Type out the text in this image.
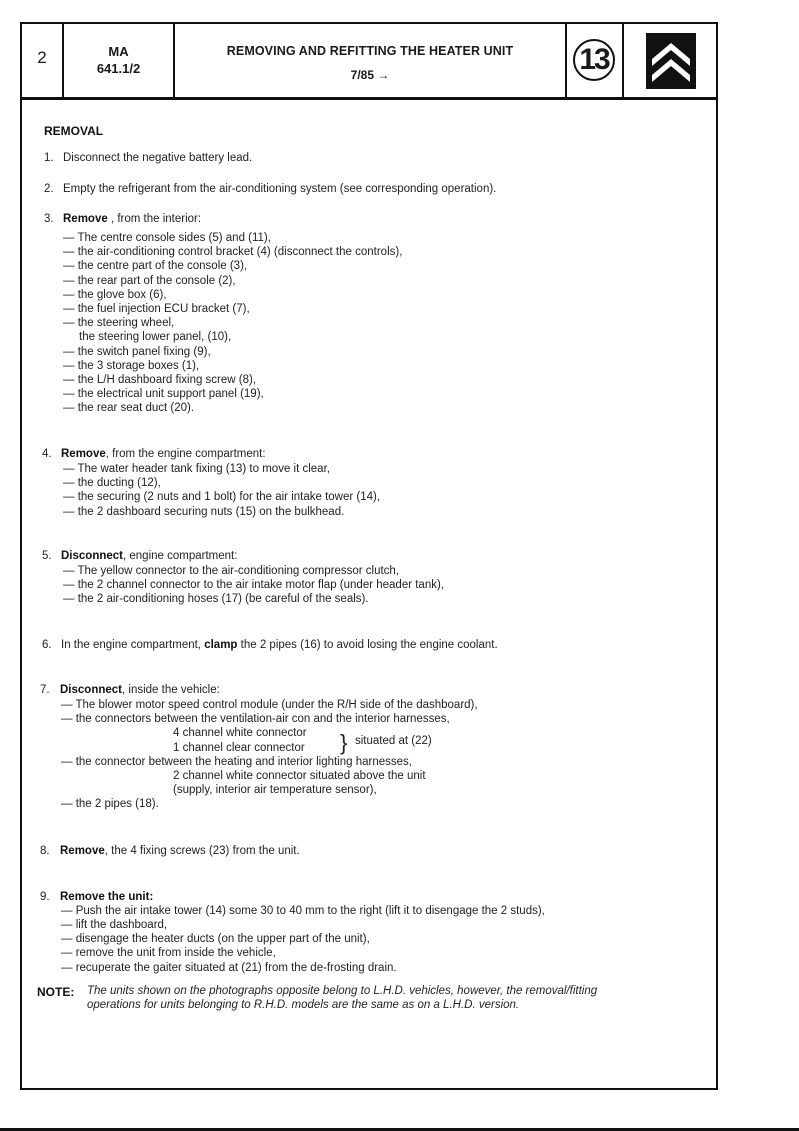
2	MA
641.1/2
REMOVING AND REFITTING THE HEATER UNIT
7/85 →	13
REMOVAL
1. Disconnect the negative battery lead.
2. Empty the refrigerant from the air-conditioning system (see corresponding operation).
3. Remove , from the interior:
— The centre console sides (5) and (11),
— the air-conditioning control bracket (4) (disconnect the controls),
— the centre part of the console (3),
— the rear part of the console (2),
— the glove box (6),
— the fuel injection ECU bracket (7),
— the steering wheel,
the steering lower panel, (10),
— the switch panel fixing (9),
— the 3 storage boxes (1),
— the L/H dashboard fixing screw (8),
— the electrical unit support panel (19),
— the rear seat duct (20).
4. Remove, from the engine compartment:
— The water header tank fixing (13) to move it clear,
— the ducting (12),
— the securing (2 nuts and 1 bolt) for the air intake tower (14),
— the 2 dashboard securing nuts (15) on the bulkhead.
5. Disconnect, engine compartment:
— The yellow connector to the air-conditioning compressor clutch,
— the 2 channel connector to the air intake motor flap (under header tank),
— the 2 air-conditioning hoses (17) (be careful of the seals).
6. In the engine compartment, clamp the 2 pipes (16) to avoid losing the engine coolant.
7. Disconnect, inside the vehicle:
— The blower motor speed control module (under the R/H side of the dashboard),
— the connectors between the ventilation-air con and the interior harnesses,
4 channel white connector
1 channel clear connector } situated at (22)
— the connector between the heating and interior lighting harnesses,
2 channel white connector situated above the unit
(supply, interior air temperature sensor),
— the 2 pipes (18).
8. Remove, the 4 fixing screws (23) from the unit.
9. Remove the unit:
— Push the air intake tower (14) some 30 to 40 mm to the right (lift it to disengage the 2 studs),
— lift the dashboard,
— disengage the heater ducts (on the upper part of the unit),
— remove the unit from inside the vehicle,
— recuperate the gaiter situated at (21) from the de-frosting drain.
NOTE: The units shown on the photographs opposite belong to L.H.D. vehicles, however, the removal/fitting
operations for units belonging to R.H.D. models are the same as on a L.H.D. version.
